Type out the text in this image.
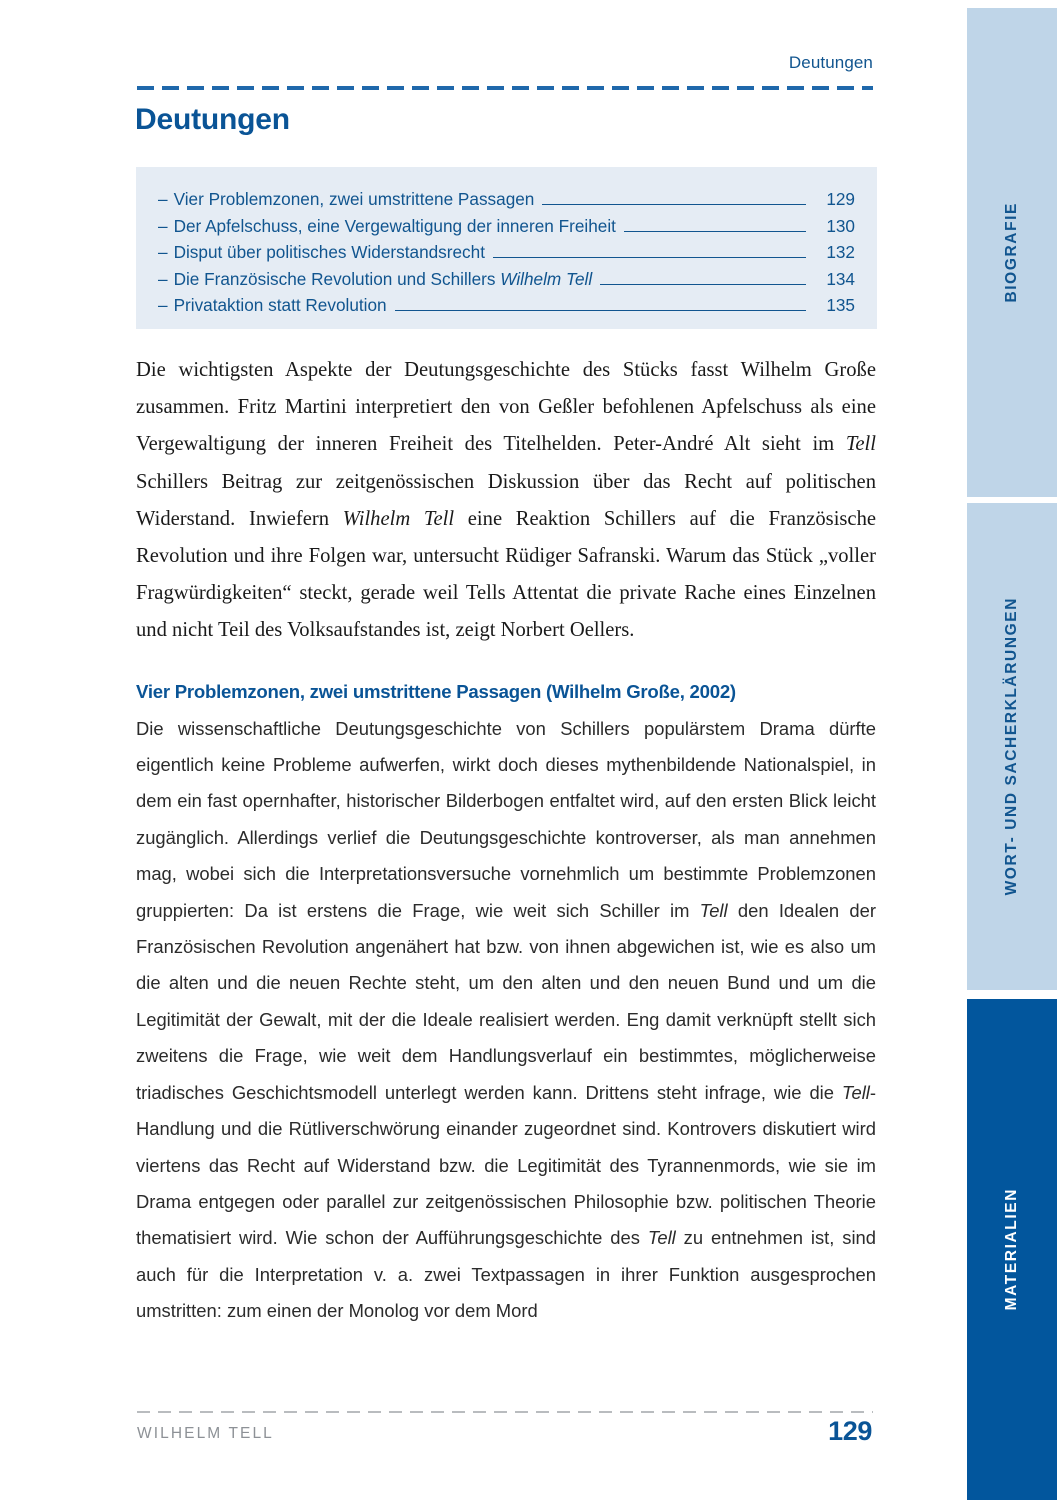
Deutungen
Deutungen
– Vier Problemzonen, zwei umstrittene Passagen	129
– Der Apfelschuss, eine Vergewaltigung der inneren Freiheit	130
– Disput über politisches Widerstandsrecht	132
– Die Französische Revolution und Schillers Wilhelm Tell	134
– Privataktion statt Revolution	135

Die wichtigsten Aspekte der Deutungsgeschichte des Stücks fasst Wilhelm Große zusammen. Fritz Martini interpretiert den von Geßler befohlenen Apfelschuss als eine Vergewaltigung der inneren Freiheit des Titelhelden. Peter-André Alt sieht im Tell Schillers Beitrag zur zeitgenössischen Diskussion über das Recht auf politischen Widerstand. Inwiefern Wilhelm Tell eine Reaktion Schillers auf die Französische Revolution und ihre Folgen war, untersucht Rüdiger Safranski. Warum das Stück „voller Fragwürdigkeiten“ steckt, gerade weil Tells Attentat die private Rache eines Einzelnen und nicht Teil des Volksaufstandes ist, zeigt Norbert Oellers.

Vier Problemzonen, zwei umstrittene Passagen (Wilhelm Große, 2002)

Die wissenschaftliche Deutungsgeschichte von Schillers populärstem Drama dürfte eigentlich keine Probleme aufwerfen, wirkt doch dieses mythenbildende Nationalspiel, in dem ein fast opernhafter, historischer Bilderbogen entfaltet wird, auf den ersten Blick leicht zugänglich. Allerdings verlief die Deutungsgeschichte kontroverser, als man annehmen mag, wobei sich die Interpretationsversuche vornehmlich um bestimmte Problemzonen gruppierten: Da ist erstens die Frage, wie weit sich Schiller im Tell den Idealen der Französischen Revolution angenähert hat bzw. von ihnen abgewichen ist, wie es also um die alten und die neuen Rechte steht, um den alten und den neuen Bund und um die Legitimität der Gewalt, mit der die Ideale realisiert werden. Eng damit verknüpft stellt sich zweitens die Frage, wie weit dem Handlungsverlauf ein bestimmtes, möglicherweise triadisches Geschichtsmodell unterlegt werden kann. Drittens steht infrage, wie die Tell-Handlung und die Rütliverschwörung einander zugeordnet sind. Kontrovers diskutiert wird viertens das Recht auf Widerstand bzw. die Legitimität des Tyrannenmords, wie sie im Drama entgegen oder parallel zur zeitgenössischen Philosophie bzw. politischen Theorie thematisiert wird. Wie schon der Aufführungsgeschichte des Tell zu entnehmen ist, sind auch für die Interpretation v. a. zwei Textpassagen in ihrer Funktion ausgesprochen umstritten: zum einen der Monolog vor dem Mord

WILHELM TELL	129
BIOGRAFIE
WORT- UND SACHERKLÄRUNGEN
MATERIALIEN
